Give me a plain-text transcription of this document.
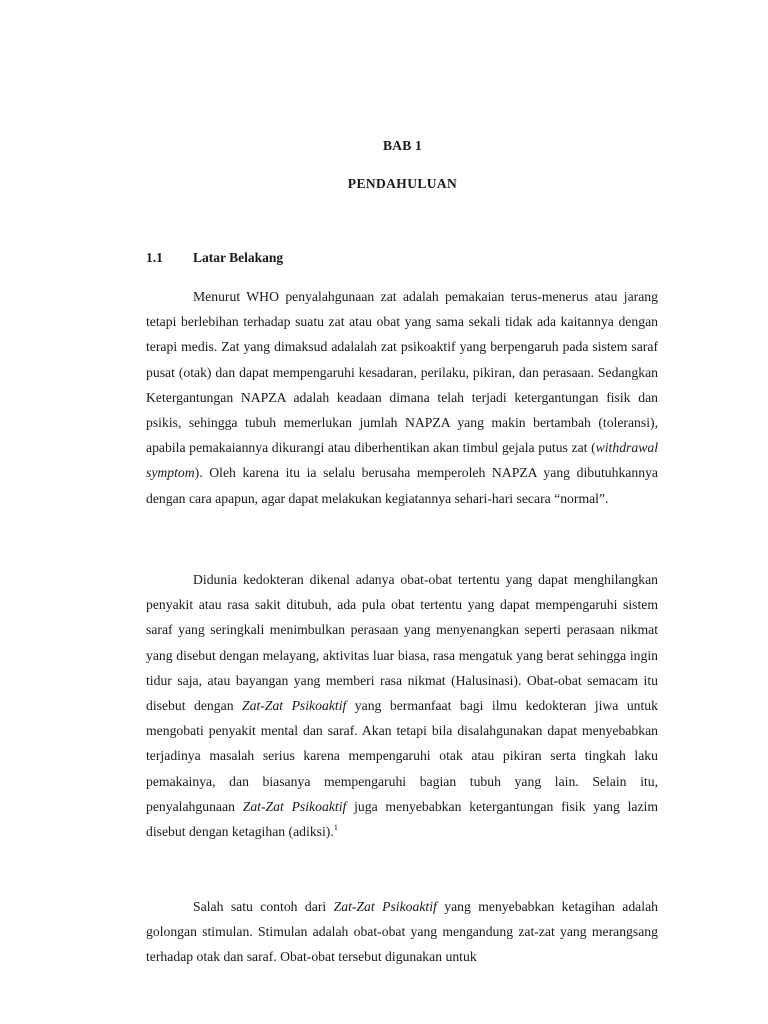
BAB 1
PENDAHULUAN
1.1 Latar Belakang

Menurut WHO penyalahgunaan zat adalah pemakaian terus-menerus atau jarang tetapi berlebihan terhadap suatu zat atau obat yang sama sekali tidak ada kaitannya dengan terapi medis. Zat yang dimaksud adalalah zat psikoaktif yang berpengaruh pada sistem saraf pusat (otak) dan dapat mempengaruhi kesadaran, perilaku, pikiran, dan perasaan. Sedangkan Ketergantungan NAPZA adalah keadaan dimana telah terjadi ketergantungan fisik dan psikis, sehingga tubuh memerlukan jumlah NAPZA yang makin bertambah (toleransi), apabila pemakaiannya dikurangi atau diberhentikan akan timbul gejala putus zat (withdrawal symptom). Oleh karena itu ia selalu berusaha memperoleh NAPZA yang dibutuhkannya dengan cara apapun, agar dapat melakukan kegiatannya sehari-hari secara “normal”.

Didunia kedokteran dikenal adanya obat-obat tertentu yang dapat menghilangkan penyakit atau rasa sakit ditubuh, ada pula obat tertentu yang dapat mempengaruhi sistem saraf yang seringkali menimbulkan perasaan yang menyenangkan seperti perasaan nikmat yang disebut dengan melayang, aktivitas luar biasa, rasa mengatuk yang berat sehingga ingin tidur saja, atau bayangan yang memberi rasa nikmat (Halusinasi). Obat-obat semacam itu disebut dengan Zat-Zat Psikoaktif yang bermanfaat bagi ilmu kedokteran jiwa untuk mengobati penyakit mental dan saraf. Akan tetapi bila disalahgunakan dapat menyebabkan terjadinya masalah serius karena mempengaruhi otak atau pikiran serta tingkah laku pemakainya, dan biasanya mempengaruhi bagian tubuh yang lain. Selain itu, penyalahgunaan Zat-Zat Psikoaktif juga menyebabkan ketergantungan fisik yang lazim disebut dengan ketagihan (adiksi).$^1$

Salah satu contoh dari Zat-Zat Psikoaktif yang menyebabkan ketagihan adalah golongan stimulan. Stimulan adalah obat-obat yang mengandung zat-zat yang merangsang terhadap otak dan saraf. Obat-obat tersebut digunakan untuk
